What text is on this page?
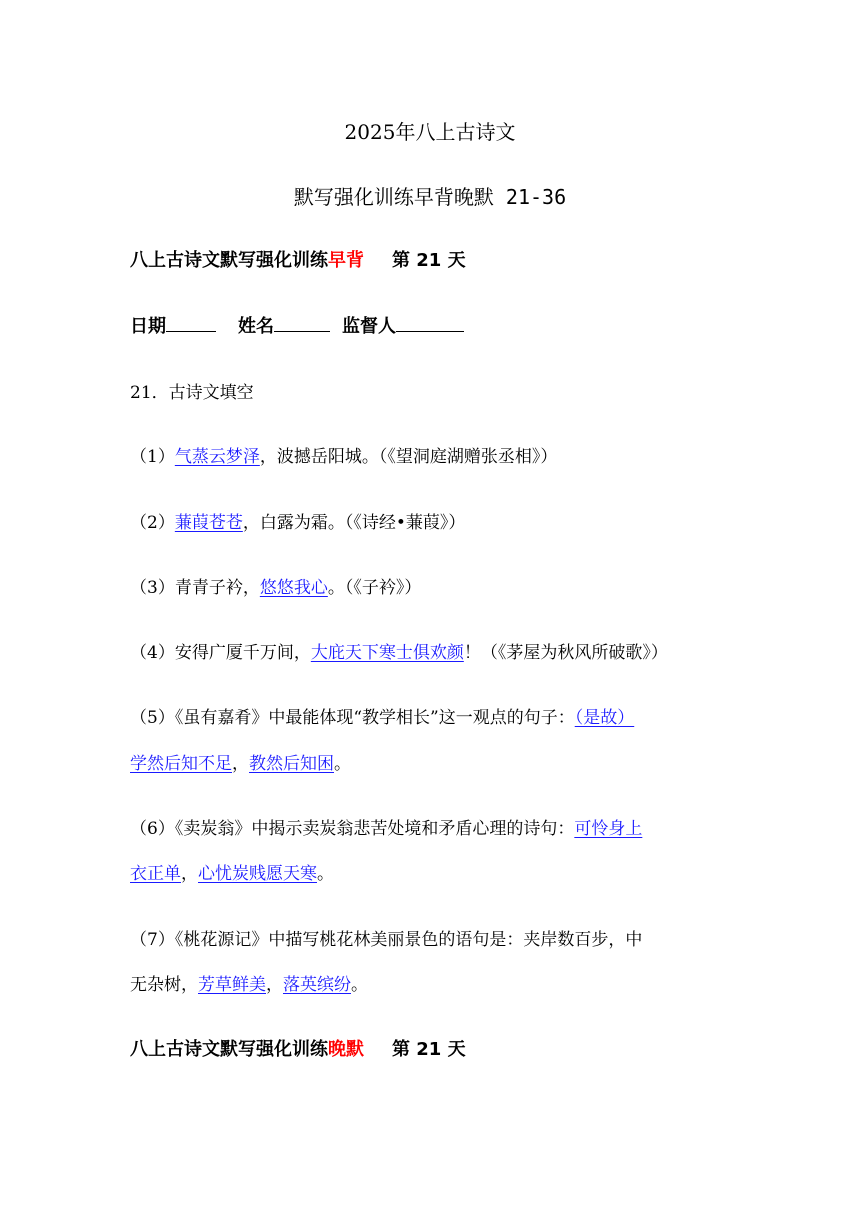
2025年八上古诗文
默写强化训练早背晚默 21-36
八上古诗文默写强化训练早背 第 21 天
日期	姓名	监督人
21．古诗文填空
（1）气蒸云梦泽，波撼岳阳城。（《望洞庭湖赠张丞相》）
（2）蒹葭苍苍，白露为霜。（《诗经•蒹葭》）
（3）青青子衿，悠悠我心。（《子衿》）
（4）安得广厦千万间，大庇天下寒士俱欢颜！（《茅屋为秋风所破歌》）
（5）《虽有嘉肴》中最能体现“教学相长”这一观点的句子：（是故）
学然后知不足，教然后知困。
（6）《卖炭翁》中揭示卖炭翁悲苦处境和矛盾心理的诗句：可怜身上
衣正单，心忧炭贱愿天寒。
（7）《桃花源记》中描写桃花林美丽景色的语句是：夹岸数百步，中
无杂树，芳草鲜美，落英缤纷。
八上古诗文默写强化训练晚默 第 21 天
